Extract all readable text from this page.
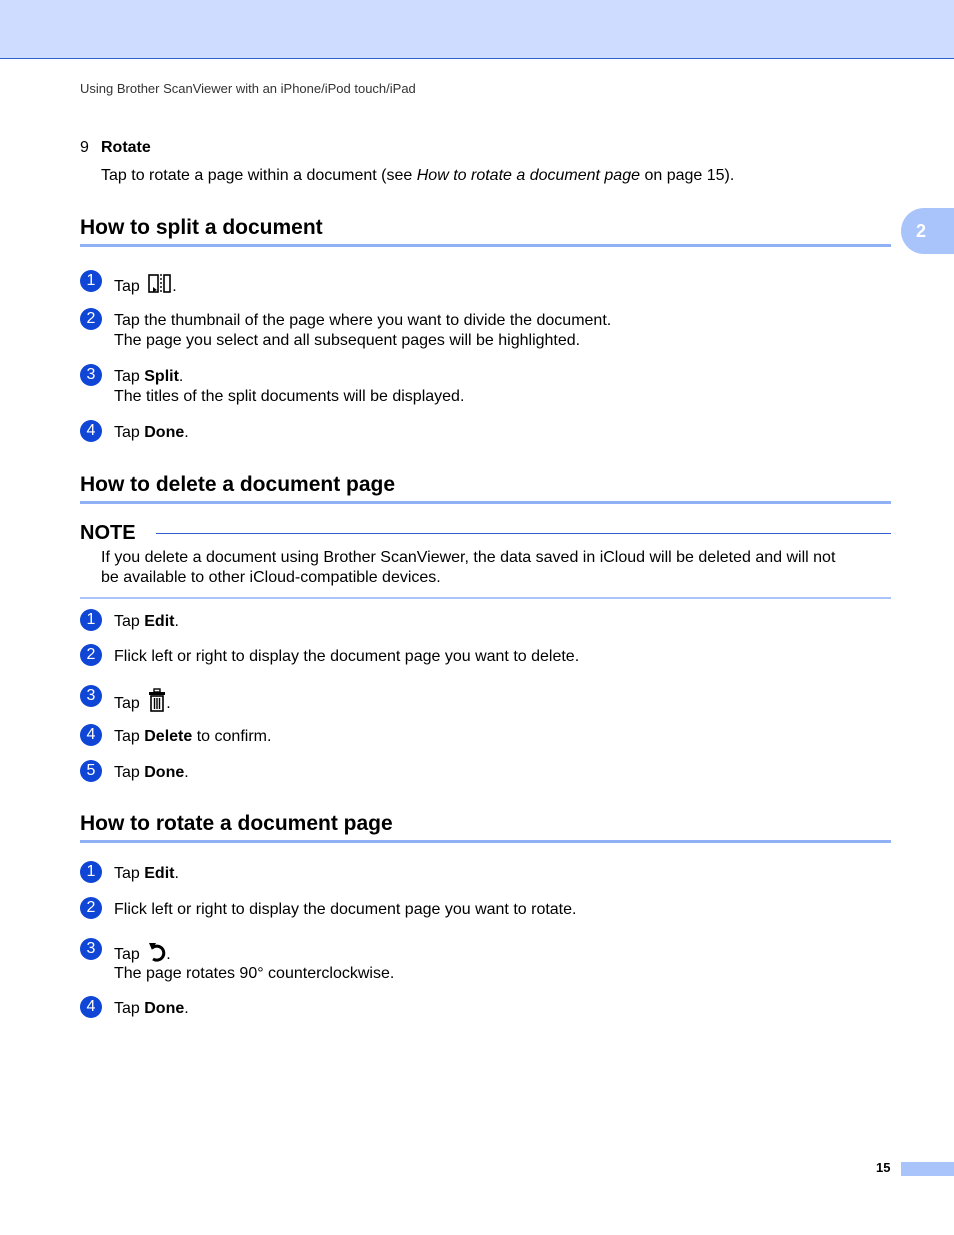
Using Brother ScanViewer with an iPhone/iPod touch/iPad
2
9 Rotate
Tap to rotate a page within a document (see How to rotate a document page on page 15).
How to split a document
1	Tap .
2	Tap the thumbnail of the page where you want to divide the document.
The page you select and all subsequent pages will be highlighted.
3	Tap Split.
The titles of the split documents will be displayed.
4	Tap Done.
How to delete a document page
NOTE
If you delete a document using Brother ScanViewer, the data saved in iCloud will be deleted and will not
be available to other iCloud-compatible devices.
1	Tap Edit.
2	Flick left or right to display the document page you want to delete.
3	Tap .
4	Tap Delete to confirm.
5	Tap Done.
How to rotate a document page
1	Tap Edit.
2	Flick left or right to display the document page you want to rotate.
3	Tap .
The page rotates 90° counterclockwise.
4	Tap Done.
15
